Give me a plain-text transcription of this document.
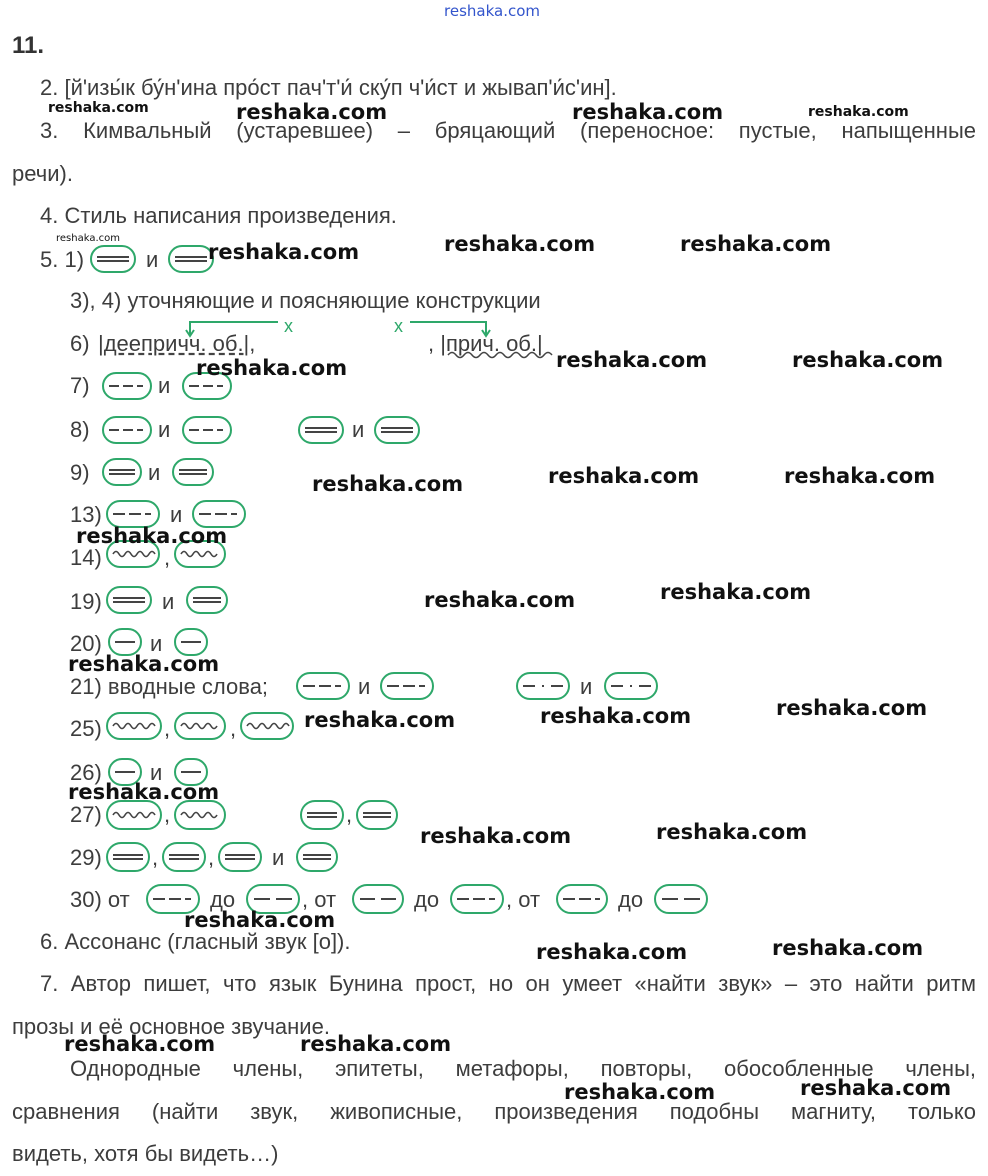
reshaka.com
11.
2. [й'изы́к бу́н'ина про́ст пач'т'и́ ску́п ч'и́ст и жывап'и́с'ин].
3. Кимвальный (устаревшее) – бряцающий (переносное: пустые, напыщенные
речи).
4. Стиль написания произведения.
5. 1)	и
3), 4) уточняющие и поясняющие конструкции
6) |деепричч. об.|,
x
, |прич. об.|
x
7)	и
8)	и	и
9)	и
13)	и
14)	,
19)	и
20) и
21) вводные слова;	и	и
25)	,	,
26) и
27)	,	,
29) , ,	и
30) от	до	, от	до	, от	до
6. Ассонанс (гласный звук [о]).
7. Автор пишет, что язык Бунина прост, но он умеет «найти звук» – это найти ритм
прозы и её основное звучание.
Однородные члены, эпитеты, метафоры, повторы, обособленные члены,
сравнения (найти звук, живописные, произведения подобны магниту, только
видеть, хотя бы видеть…)
reshaka.com	reshaka.com	reshaka.com	reshaka.com
reshaka.com
reshaka.com	reshaka.com	reshaka.com
reshaka.com	reshaka.com	reshaka.com
reshaka.com	reshaka.com	reshaka.com
reshaka.com
reshaka.com	reshaka.com
reshaka.com
reshaka.com	reshaka.com	reshaka.com
reshaka.com
reshaka.com	reshaka.com
reshaka.com
reshaka.com	reshaka.com
reshaka.com	reshaka.com
reshaka.com	reshaka.com
